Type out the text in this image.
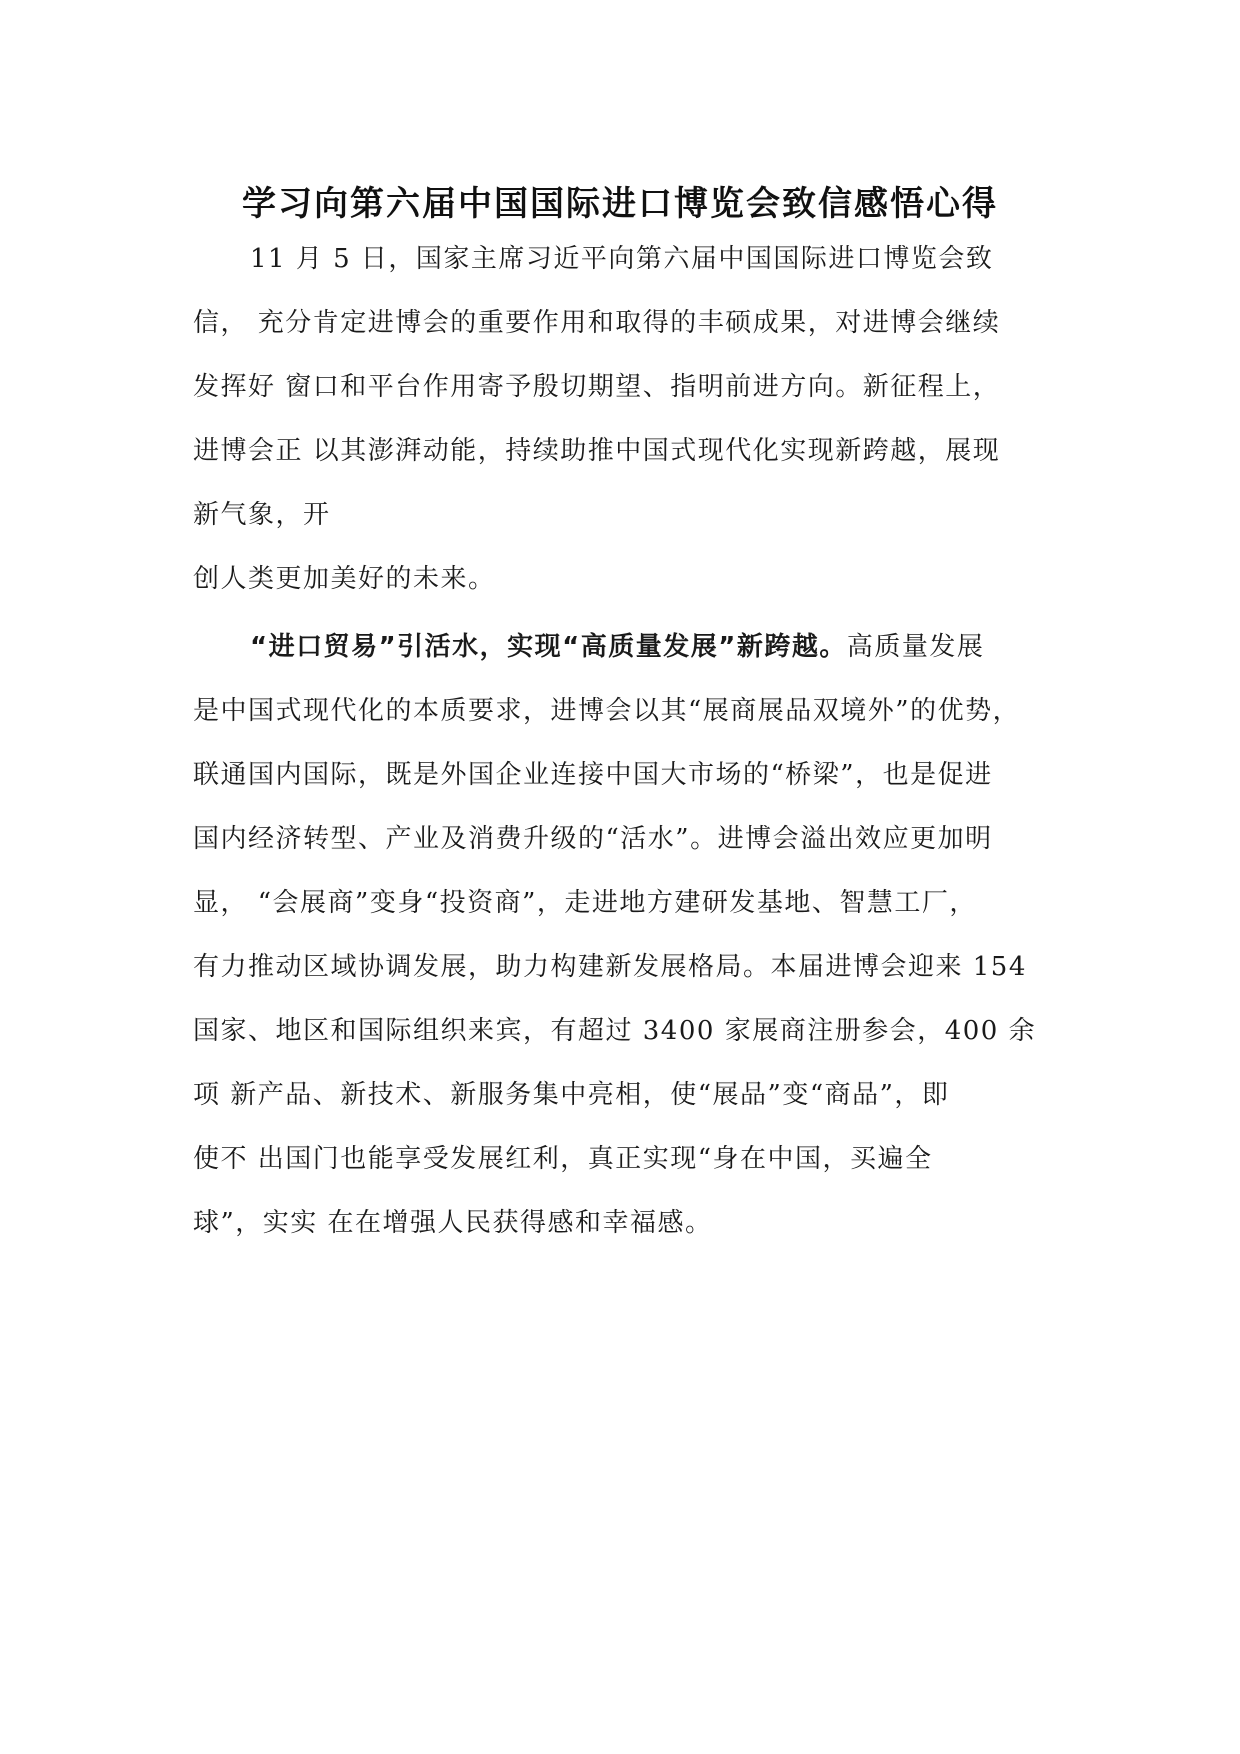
学习向第六届中国国际进口博览会致信感悟心得
11 月 5 日，国家主席习近平向第六届中国国际进口博览会致
信， 充分肯定进博会的重要作用和取得的丰硕成果，对进博会继续
发挥好 窗口和平台作用寄予殷切期望、指明前进方向。新征程上，
进博会正 以其澎湃动能，持续助推中国式现代化实现新跨越，展现
新气象，开
创人类更加美好的未来。
“进口贸易”引活水，实现“高质量发展”新跨越。高质量发展
是中国式现代化的本质要求，进博会以其“展商展品双境外”的优势，
联通国内国际，既是外国企业连接中国大市场的“桥梁”，也是促进
国内经济转型、产业及消费升级的“活水”。进博会溢出效应更加明
显， “会展商”变身“投资商”，走进地方建研发基地、智慧工厂，
有力推动区域协调发展，助力构建新发展格局。本届进博会迎来 154
国家、地区和国际组织来宾，有超过 3400 家展商注册参会，400 余
项 新产品、新技术、新服务集中亮相，使“展品”变“商品”，即
使不 出国门也能享受发展红利，真正实现“身在中国，买遍全
球”，实实 在在增强人民获得感和幸福感。
